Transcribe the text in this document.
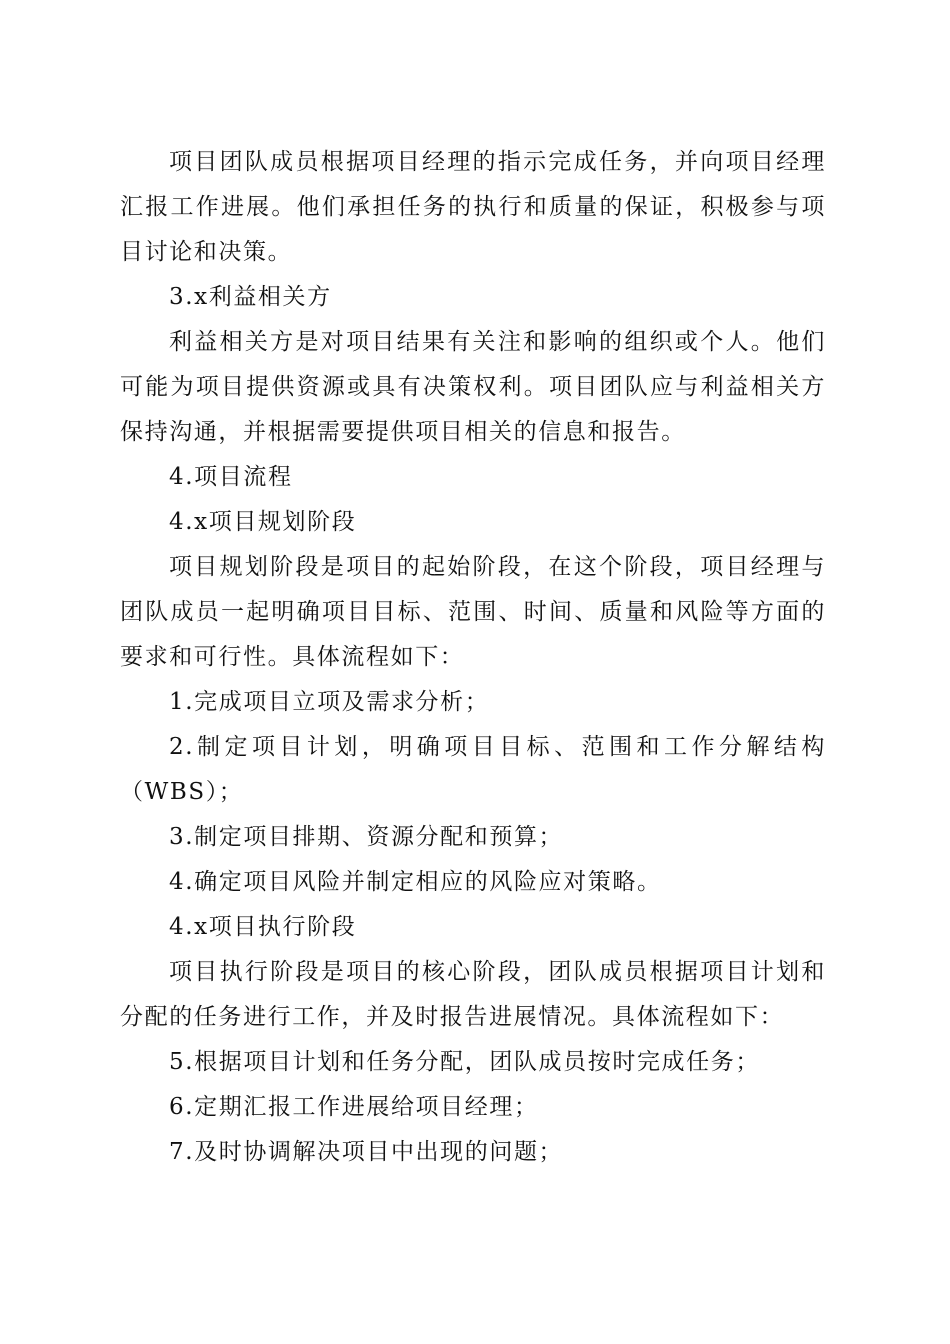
项目团队成员根据项目经理的指示完成任务，并向项目经理汇报工作进展。他们承担任务的执行和质量的保证，积极参与项目讨论和决策。

3.x利益相关方

利益相关方是对项目结果有关注和影响的组织或个人。他们可能为项目提供资源或具有决策权利。项目团队应与利益相关方保持沟通，并根据需要提供项目相关的信息和报告。

4.项目流程

4.x项目规划阶段

项目规划阶段是项目的起始阶段，在这个阶段，项目经理与团队成员一起明确项目目标、范围、时间、质量和风险等方面的要求和可行性。具体流程如下：

1.完成项目立项及需求分析；

2.制定项目计划，明确项目目标、范围和工作分解结构（WBS）；

3.制定项目排期、资源分配和预算；

4.确定项目风险并制定相应的风险应对策略。

4.x项目执行阶段

项目执行阶段是项目的核心阶段，团队成员根据项目计划和分配的任务进行工作，并及时报告进展情况。具体流程如下：

5.根据项目计划和任务分配，团队成员按时完成任务；

6.定期汇报工作进展给项目经理；

7.及时协调解决项目中出现的问题；
